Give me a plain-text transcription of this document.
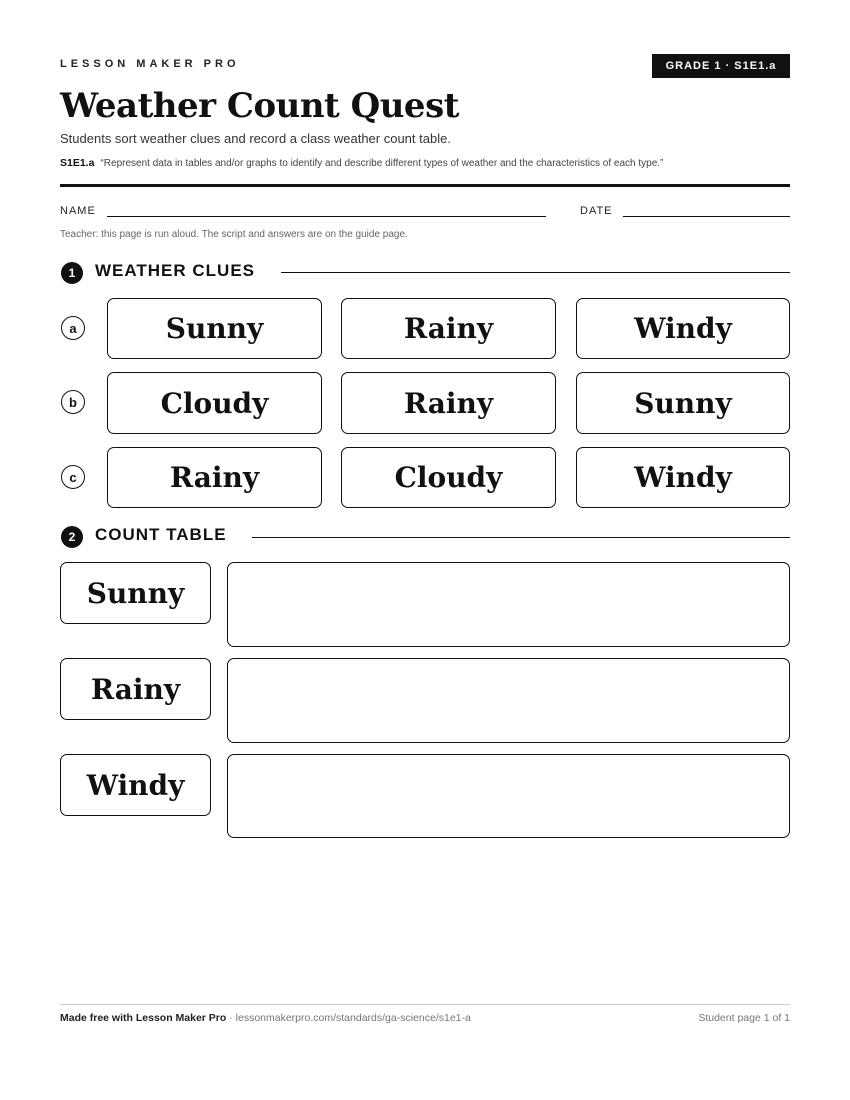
LESSON MAKER PRO	GRADE 1 · S1E1.a
Weather Count Quest
Students sort weather clues and record a class weather count table.
S1E1.a “Represent data in tables and/or graphs to identify and describe different types of weather and the characteristics of each type.”
NAME	DATE
Teacher: this page is run aloud. The script and answers are on the guide page.
1	WEATHER CLUES
a	Sunny	Rainy	Windy
b	Cloudy	Rainy	Sunny
c	Rainy	Cloudy	Windy
2	COUNT TABLE
Sunny
Rainy
Windy
Made free with Lesson Maker Pro · lessonmakerpro.com/standards/ga-science/s1e1-a	Student page 1 of 1
